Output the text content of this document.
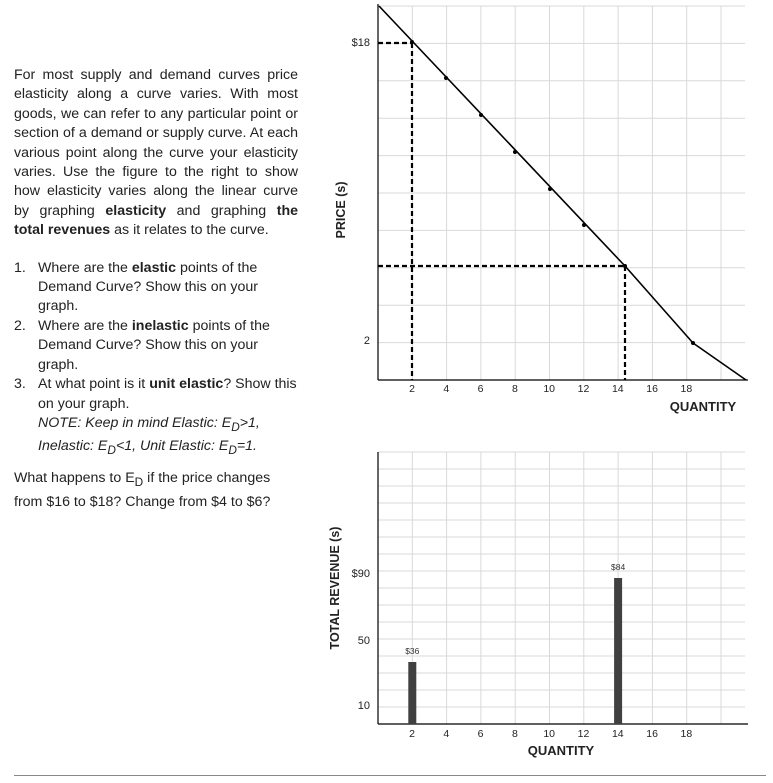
For most supply and demand curves price elasticity along a curve varies. With most goods, we can refer to any particular point or section of a demand or supply curve. At each various point along the curve your elasticity varies. Use the figure to the right to show how elasticity varies along the linear curve by graphing elasticity and graphing the total revenues as it relates to the curve.

1. Where are the elastic points of the Demand Curve? Show this on your graph.
2. Where are the inelastic points of the Demand Curve? Show this on your graph.
3. At what point is it unit elastic? Show this on your graph.
NOTE: Keep in mind Elastic: $E_D>1$,
Inelastic: $E_D<1$, Unit Elastic: $E_D=1$.

What happens to $E_D$ if the price changes from $16 to $18? Change from $4 to $6?

$18
2
PRICE (s)
2	4	6	8 10 12 14 16 18
QUANTITY
$36
$84
$90
50
10
TOTAL REVENUE (s)
2	4	6	8 10 12 14 16 18
QUANTITY
